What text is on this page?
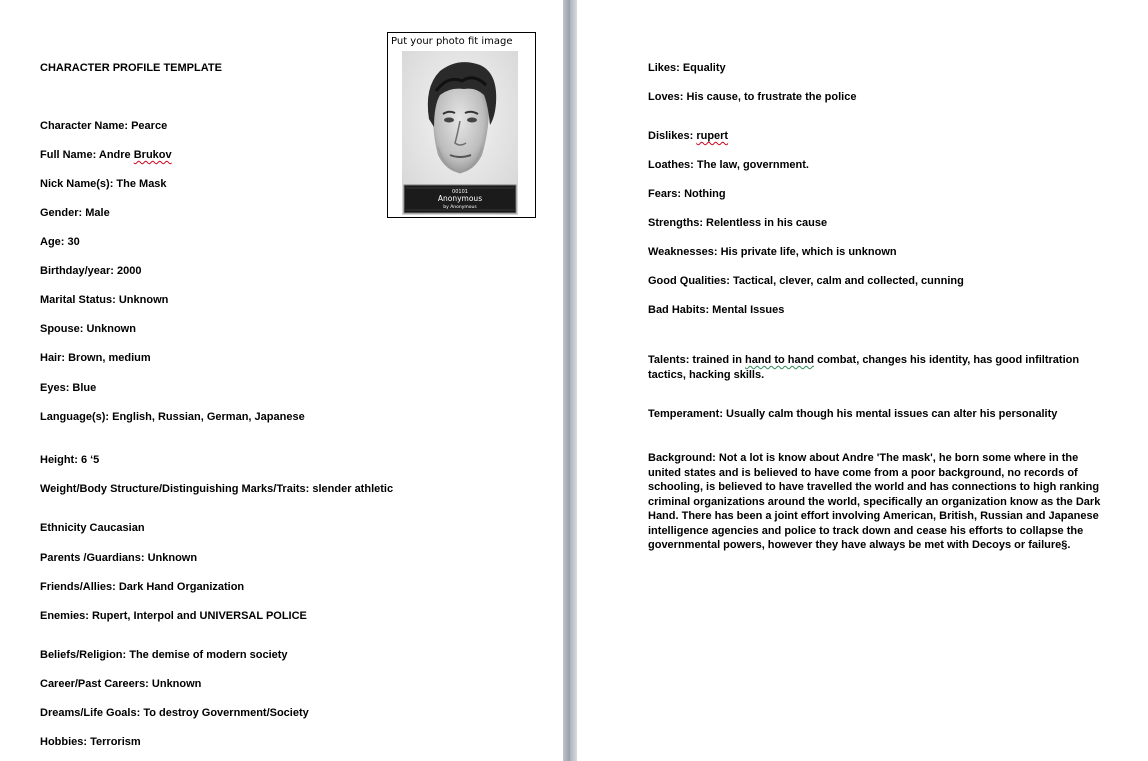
CHARACTER PROFILE TEMPLATE
Character Name: Pearce
Full Name: Andre Brukov
Nick Name(s): The Mask
Gender: Male
Age: 30
Birthday/year: 2000
Marital Status: Unknown
Spouse: Unknown
Hair: Brown, medium
Eyes: Blue
Language(s): English, Russian, German, Japanese
Height: 6 ‘5
Weight/Body Structure/Distinguishing Marks/Traits: slender athletic
Ethnicity Caucasian
Parents /Guardians: Unknown
Friends/Allies: Dark Hand Organization
Enemies: Rupert, Interpol and UNIVERSAL POLICE
Beliefs/Religion: The demise of modern society
Career/Past Careers: Unknown
Dreams/Life Goals: To destroy Government/Society
Hobbies: Terrorism
Put your photo fit image
00101
Anonymous
by Anonymous
Likes: Equality
Loves: His cause, to frustrate the police
Dislikes: rupert
Loathes: The law, government.
Fears: Nothing
Strengths: Relentless in his cause
Weaknesses: His private life, which is unknown
Good Qualities: Tactical, clever, calm and collected, cunning
Bad Habits: Mental Issues
Talents: trained in hand to hand combat, changes his identity, has good infiltration tactics, hacking skills.
Temperament: Usually calm though his mental issues can alter his personality
Background: Not a lot is know about Andre 'The mask', he born some where in the united states and is believed to have come from a poor background, no records of schooling, is believed to have travelled the world and has connections to high ranking criminal organizations around the world, specifically an organization know as the Dark Hand. There has been a joint effort involving American, British, Russian and Japanese intelligence agencies and police to track down and cease his efforts to collapse the governmental powers, however they have always be met with Decoys or failure§.
